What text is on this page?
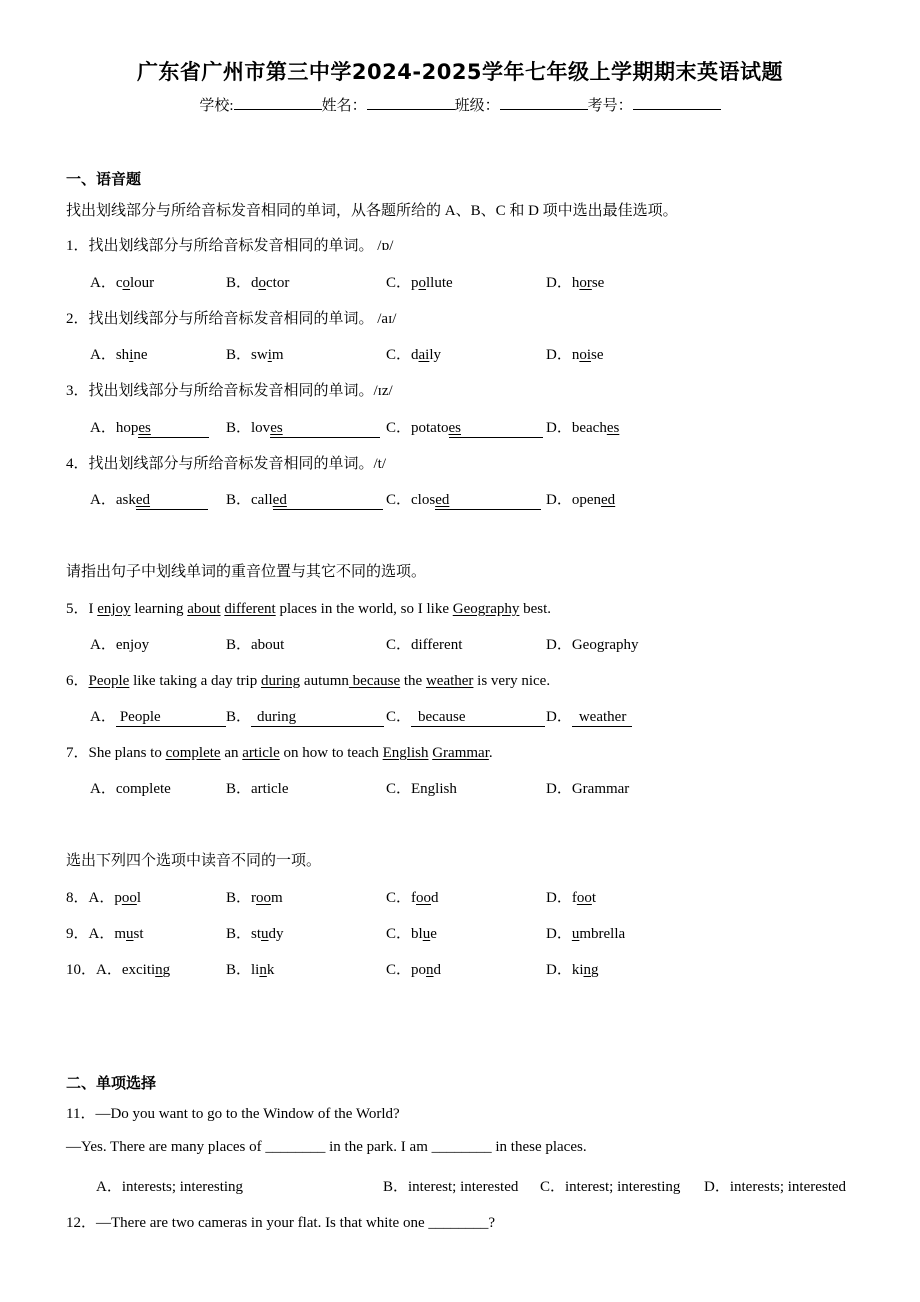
广东省广州市第三中学2024-2025学年七年级上学期期末英语试题
学校:	姓名：	班级：	考号：
一、语音题
找出划线部分与所给音标发音相同的单词，从各题所给的 A、B、C 和 D 项中选出最佳选项。
1．找出划线部分与所给音标发音相同的单词。 /ɒ/
A．colour	B．doctor	C．pollute	D．horse
2．找出划线部分与所给音标发音相同的单词。 /aɪ/
A．shine	B．swim	C．daily	D．noise
3．找出划线部分与所给音标发音相同的单词。/ɪz/
A．hopes	B．loves	C．potatoes	D．beaches
4．找出划线部分与所给音标发音相同的单词。/t/
A．asked	B．called	C．closed	D．opened
请指出句子中划线单词的重音位置与其它不同的选项。
5．I enjoy learning about different places in the world, so I like Geography best.
A．enjoy	B．about	C．different	D．Geography
6．People like taking a day trip during autumn because the weather is very nice.
A． People	B． during	C． because	D． weather
7．She plans to complete an article on how to teach English Grammar.
A．complete	B．article	C．English	D．Grammar
选出下列四个选项中读音不同的一项。
8．A．pool	B．room	C．food	D．foot
9．A．must	B．study	C．blue	D．umbrella
10．A．exciting	B．link	C．pond	D．king
二、单项选择
11．—Do you want to go to the Window of the World?
—Yes. There are many places of ________ in the park. I am ________ in these places.
A．interests; interesting	B．interest; interested C．interest; interesting D．interests; interested
12．—There are two cameras in your flat. Is that white one ________?
